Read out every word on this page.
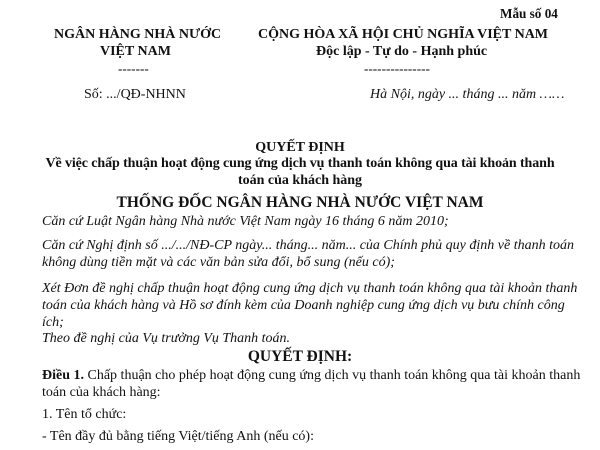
Mẫu số 04
NGÂN HÀNG NHÀ NƯỚC
VIỆT NAM
-------
Số: .../QĐ-NHNN
CỘNG HÒA XÃ HỘI CHỦ NGHĨA VIỆT NAM
Độc lập - Tự do - Hạnh phúc
---------------
Hà Nội, ngày ... tháng ... năm ……
QUYẾT ĐỊNH
Về việc chấp thuận hoạt động cung ứng dịch vụ thanh toán không qua tài khoản thanh
toán của khách hàng
THỐNG ĐỐC NGÂN HÀNG NHÀ NƯỚC VIỆT NAM
Căn cứ Luật Ngân hàng Nhà nước Việt Nam ngày 16 tháng 6 năm 2010;
Căn cứ Nghị định số .../.../NĐ-CP ngày... tháng... năm... của Chính phủ quy định về thanh toán
không dùng tiền mặt và các văn bản sửa đổi, bổ sung (nếu có);
Xét Đơn đề nghị chấp thuận hoạt động cung ứng dịch vụ thanh toán không qua tài khoản thanh
toán của khách hàng và Hồ sơ đính kèm của Doanh nghiệp cung ứng dịch vụ bưu chính công
ích;
Theo đề nghị của Vụ trưởng Vụ Thanh toán.
QUYẾT ĐỊNH:
Điều 1. Chấp thuận cho phép hoạt động cung ứng dịch vụ thanh toán không qua tài khoản thanh
toán của khách hàng:
1. Tên tổ chức:
- Tên đầy đủ bằng tiếng Việt/tiếng Anh (nếu có):
